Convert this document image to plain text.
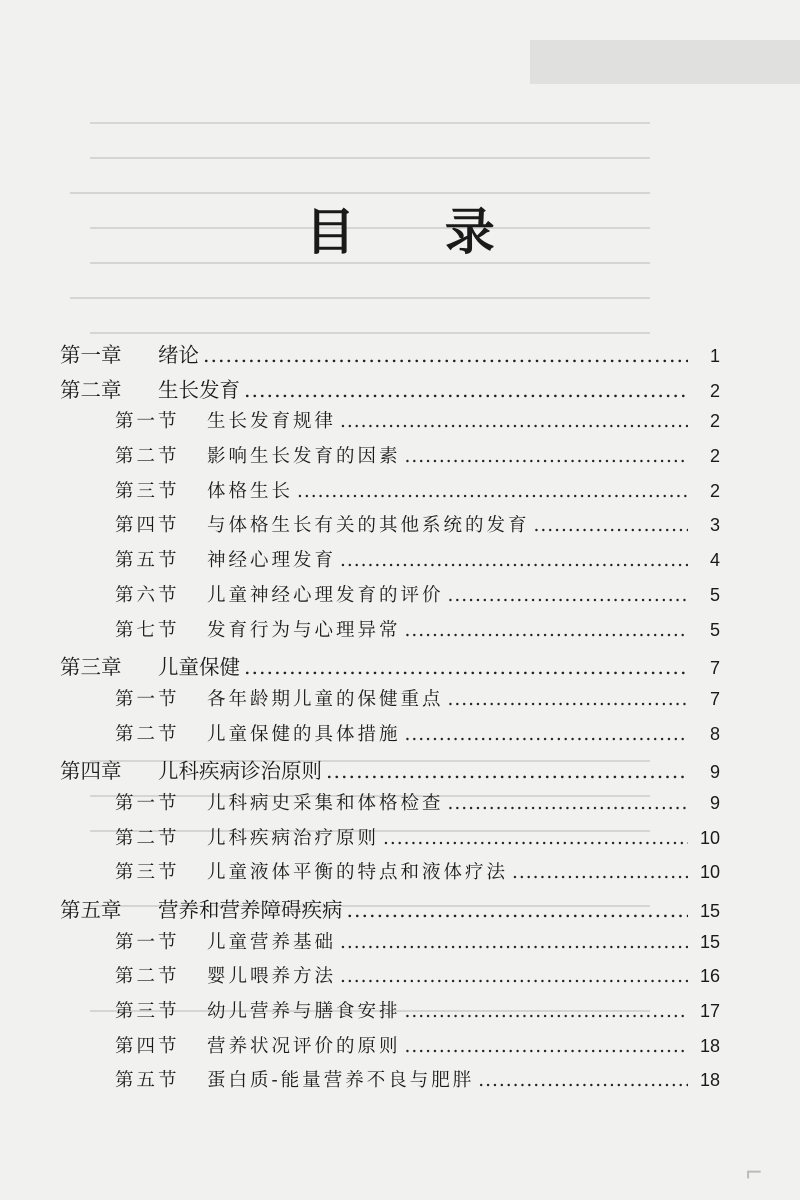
目 录
第一章 绪论 .....	1
第二章 生长发育 .....	2
第一节 生长发育规律 .....	2
第二节 影响生长发育的因素 .....	2
第三节 体格生长 .....	2
第四节 与体格生长有关的其他系统的发育 .....	3
第五节 神经心理发育 .....	4
第六节 儿童神经心理发育的评价 .....	5
第七节 发育行为与心理异常 .....	5
第三章 儿童保健 .....	7
第一节 各年龄期儿童的保健重点 .....	7
第二节 儿童保健的具体措施 .....	8
第四章 儿科疾病诊治原则 .....	9
第一节 儿科病史采集和体格检查 .....	9
第二节 儿科疾病治疗原则 .....	10
第三节 儿童液体平衡的特点和液体疗法 .....	10
第五章 营养和营养障碍疾病 .....	15
第一节 儿童营养基础 .....	15
第二节 婴儿喂养方法 .....	16
第三节 幼儿营养与膳食安排 .....	17
第四节 营养状况评价的原则 .....	18
第五节 蛋白质-能量营养不良与肥胖 .....	18
⌐
